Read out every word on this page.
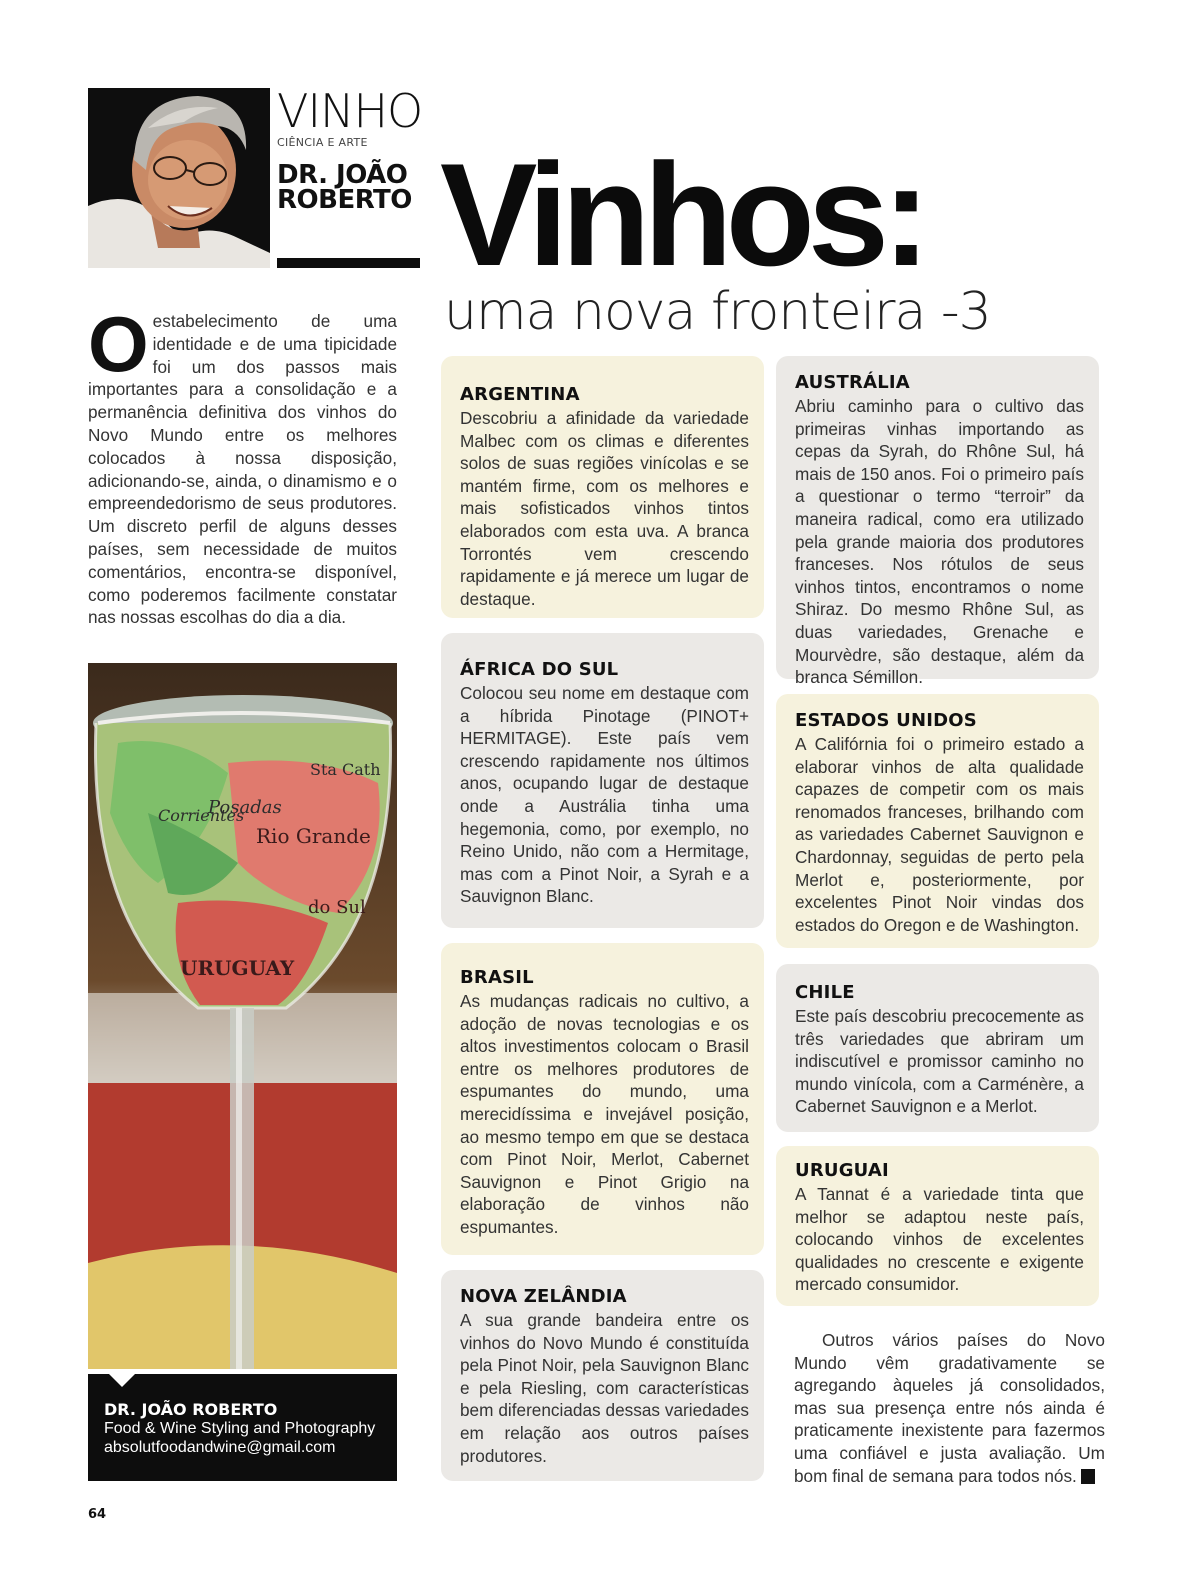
VINHO
CIÊNCIA E ARTE
DR. JOÃO
ROBERTO Vinhos:
uma nova fronteira -3
Oestabelecimento de uma identidade e de uma tipicidade foi um dos passos mais importantes para a consolidação e a permanência definitiva dos vinhos do Novo Mundo entre os melhores colocados à nossa disposição, adicionando-se, ainda, o dinamismo e o empreendedorismo de seus produtores. Um discreto perfil de alguns desses países, sem necessidade de muitos comentários, encontra-se disponível, como poderemos facilmente constatar nas nossas escolhas do dia a dia.
Posadas
Rio Grande
do Sul
URUGUAY
Corrientes
Sta Cath
DR. JOÃO ROBERTO
Food & Wine Styling and Photography
absolutfoodandwine@gmail.com
ARGENTINA

Descobriu a afinidade da variedade Malbec com os climas e diferentes solos de suas regiões vinícolas e se mantém firme, com os melhores e mais sofisticados vinhos tintos elaborados com esta uva. A branca Torrontés vem crescendo rapidamente e já merece um lugar de destaque.

ÁFRICA DO SUL

Colocou seu nome em destaque com a híbrida Pinotage (PINOT+ HERMITAGE). Este país vem crescendo rapidamente nos últimos anos, ocupando lugar de destaque onde a Austrália tinha uma hegemonia, como, por exemplo, no Reino Unido, não com a Hermitage, mas com a Pinot Noir, a Syrah e a Sauvignon Blanc.

BRASIL

As mudanças radicais no cultivo, a adoção de novas tecnologias e os altos investimentos colocam o Brasil entre os melhores produtores de espumantes do mundo, uma merecidíssima e invejável posição, ao mesmo tempo em que se destaca com Pinot Noir, Merlot, Cabernet Sauvignon e Pinot Grigio na elaboração de vinhos não espumantes.

NOVA ZELÂNDIA

A sua grande bandeira entre os vinhos do Novo Mundo é constituída pela Pinot Noir, pela Sauvignon Blanc e pela Riesling, com características bem diferenciadas dessas variedades em relação aos outros países produtores.

AUSTRÁLIA

Abriu caminho para o cultivo das primeiras vinhas importando as cepas da Syrah, do Rhône Sul, há mais de 150 anos. Foi o primeiro país a questionar o termo “terroir” da maneira radical, como era utilizado pela grande maioria dos produtores franceses. Nos rótulos de seus vinhos tintos, encontramos o nome Shiraz. Do mesmo Rhône Sul, as duas variedades, Grenache e Mourvèdre, são destaque, além da branca Sémillon.

ESTADOS UNIDOS

A Califórnia foi o primeiro estado a elaborar vinhos de alta qualidade capazes de competir com os mais renomados franceses, brilhando com as variedades Cabernet Sauvignon e Chardonnay, seguidas de perto pela Merlot e, posteriormente, por excelentes Pinot Noir vindas dos estados do Oregon e de Washington.

CHILE

Este país descobriu precocemente as três variedades que abriram um indiscutível e promissor caminho no mundo vinícola, com a Carménère, a Cabernet Sauvignon e a Merlot.

URUGUAI

A Tannat é a variedade tinta que melhor se adaptou neste país, colocando vinhos de excelentes qualidades no crescente e exigente mercado consumidor.

Outros vários países do Novo Mundo vêm gradativamente se agregando àqueles já consolidados, mas sua presença entre nós ainda é praticamente inexistente para fazermos uma confiável e justa avaliação. Um bom final de semana para todos nós.
64
